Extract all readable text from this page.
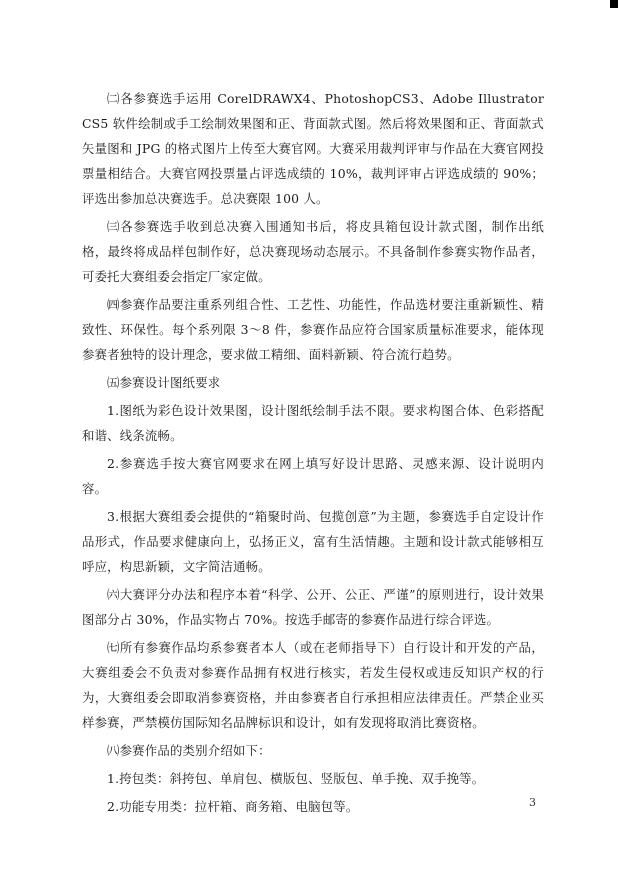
㈡各参赛选手运用 CorelDRAWX4、PhotoshopCS3、Adobe Illustrator CS5 软件绘制或手工绘制效果图和正、背面款式图。然后将效果图和正、背面款式矢量图和 JPG 的格式图片上传至大赛官网。大赛采用裁判评审与作品在大赛官网投票量相结合。大赛官网投票量占评选成绩的 10%，裁判评审占评选成绩的 90%；评选出参加总决赛选手。总决赛限 100 人。

㈢各参赛选手收到总决赛入围通知书后，将皮具箱包设计款式图，制作出纸格，最终将成品样包制作好，总决赛现场动态展示。不具备制作参赛实物作品者，可委托大赛组委会指定厂家定做。

㈣参赛作品要注重系列组合性、工艺性、功能性，作品选材要注重新颖性、精致性、环保性。每个系列限 3～8 件，参赛作品应符合国家质量标准要求，能体现参赛者独特的设计理念，要求做工精细、面料新颖、符合流行趋势。

㈤参赛设计图纸要求

1.图纸为彩色设计效果图，设计图纸绘制手法不限。要求构图合体、色彩搭配和谐、线条流畅。

2.参赛选手按大赛官网要求在网上填写好设计思路、灵感来源、设计说明内容。

3.根据大赛组委会提供的“箱聚时尚、包揽创意”为主题，参赛选手自定设计作品形式，作品要求健康向上，弘扬正义，富有生活情趣。主题和设计款式能够相互呼应，构思新颖，文字简洁通畅。

㈥大赛评分办法和程序本着“科学、公开、公正、严谨”的原则进行，设计效果图部分占 30%，作品实物占 70%。按选手邮寄的参赛作品进行综合评选。

㈦所有参赛作品均系参赛者本人（或在老师指导下）自行设计和开发的产品，大赛组委会不负责对参赛作品拥有权进行核实，若发生侵权或违反知识产权的行为，大赛组委会即取消参赛资格，并由参赛者自行承担相应法律责任。严禁企业买样参赛，严禁模仿国际知名品牌标识和设计，如有发现将取消比赛资格。

㈧参赛作品的类别介绍如下：

1.挎包类：斜挎包、单肩包、横版包、竖版包、单手挽、双手挽等。

2.功能专用类：拉杆箱、商务箱、电脑包等。	3
